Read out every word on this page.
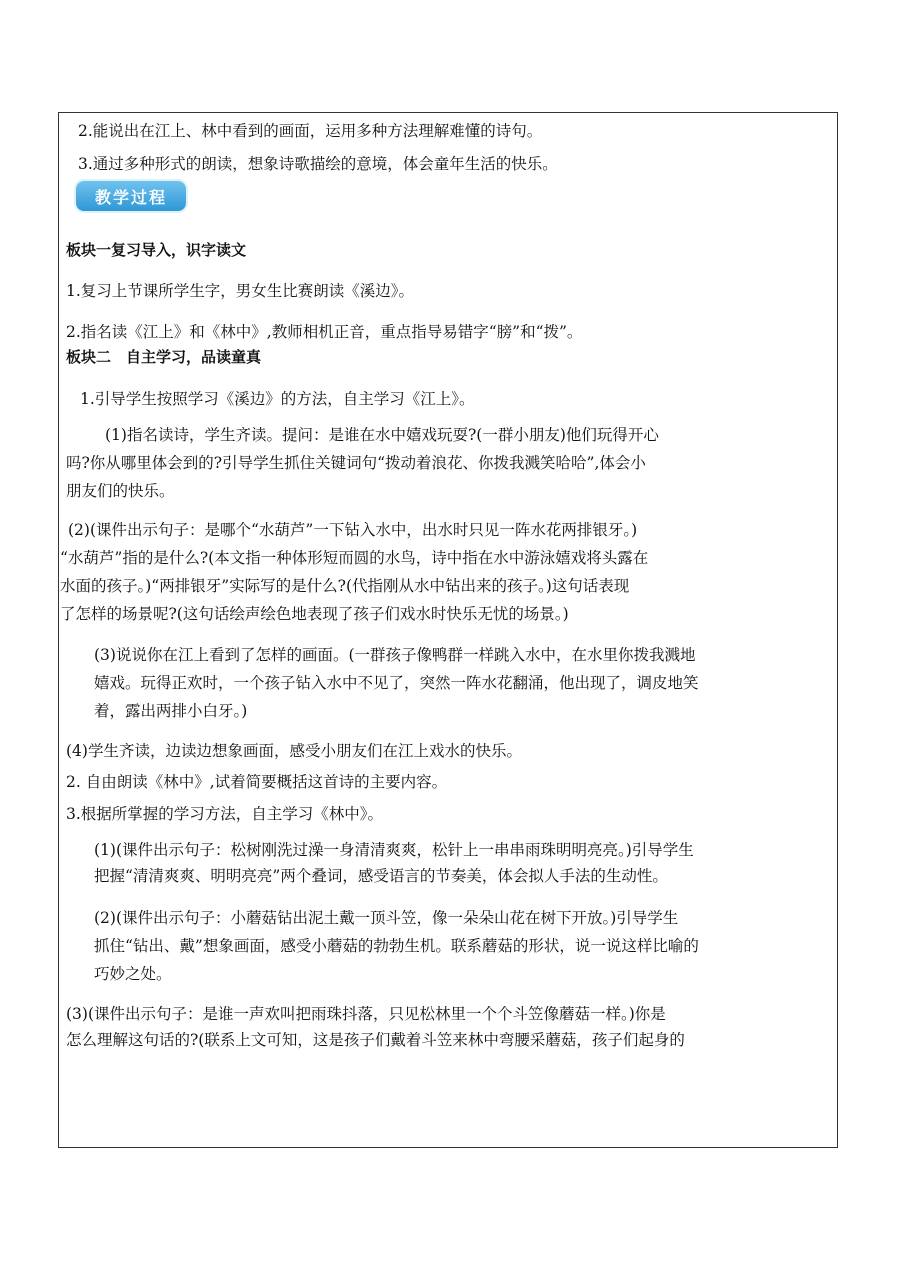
2.能说出在江上、林中看到的画面，运用多种方法理解难懂的诗句。
3.通过多种形式的朗读，想象诗歌描绘的意境，体会童年生活的快乐。
教学过程
板块一复习导入，识字读文
1.复习上节课所学生字，男女生比赛朗读《溪边》。
2.指名读《江上》和《林中》,教师相机正音，重点指导易错字“膀”和“拨”。
板块二　自主学习，品读童真
1.引导学生按照学习《溪边》的方法，自主学习《江上》。
(1)指名读诗，学生齐读。提问：是谁在水中嬉戏玩耍?(一群小朋友)他们玩得开心
吗?你从哪里体会到的?引导学生抓住关键词句“拨动着浪花、你拨我溅笑哈哈”,体会小
朋友们的快乐。
(2)(课件出示句子：是哪个“水葫芦”一下钻入水中，出水时只见一阵水花两排银牙。)
“水葫芦”指的是什么?(本文指一种体形短而圆的水鸟，诗中指在水中游泳嬉戏将头露在
水面的孩子。)“两排银牙”实际写的是什么?(代指刚从水中钻出来的孩子。)这句话表现
了怎样的场景呢?(这句话绘声绘色地表现了孩子们戏水时快乐无忧的场景。)
(3)说说你在江上看到了怎样的画面。(一群孩子像鸭群一样跳入水中，在水里你拨我溅地
嬉戏。玩得正欢时，一个孩子钻入水中不见了，突然一阵水花翻涌，他出现了，调皮地笑
着，露出两排小白牙。)
(4)学生齐读，边读边想象画面，感受小朋友们在江上戏水的快乐。
2. 自由朗读《林中》,试着简要概括这首诗的主要内容。
3.根据所掌握的学习方法，自主学习《林中》。
(1)(课件出示句子：松树刚洗过澡一身清清爽爽，松针上一串串雨珠明明亮亮。)引导学生
把握“清清爽爽、明明亮亮”两个叠词，感受语言的节奏美，体会拟人手法的生动性。
(2)(课件出示句子：小蘑菇钻出泥土戴一顶斗笠，像一朵朵山花在树下开放。)引导学生
抓住“钻出、戴”想象画面，感受小蘑菇的勃勃生机。联系蘑菇的形状，说一说这样比喻的
巧妙之处。
(3)(课件出示句子：是谁一声欢叫把雨珠抖落，只见松林里一个个斗笠像蘑菇一样。)你是
怎么理解这句话的?(联系上文可知，这是孩子们戴着斗笠来林中弯腰采蘑菇，孩子们起身的
